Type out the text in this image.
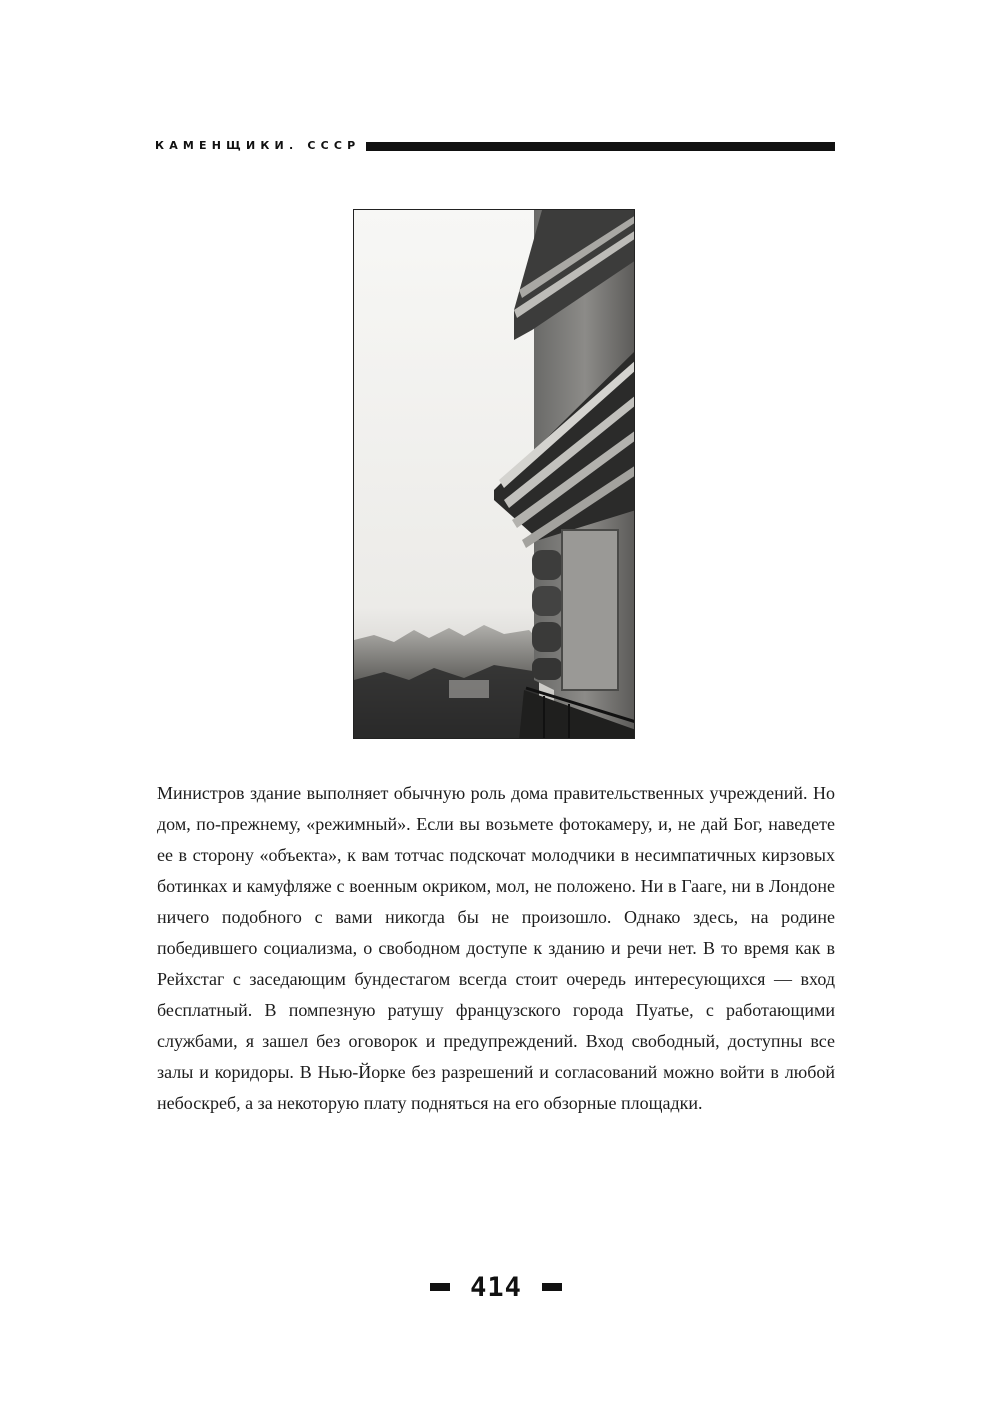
КАМЕНЩИКИ. СССР

Министров здание выполняет обычную роль дома правительственных учреждений. Но дом, по-прежнему, «режимный». Если вы возьмете фотокамеру, и, не дай Бог, наведете ее в сторону «объекта», к вам тотчас подскочат молодчики в несимпатичных кирзовых ботинках и камуфляже с военным окриком, мол, не положено. Ни в Гааге, ни в Лондоне ничего подобного с вами никогда бы не произошло. Однако здесь, на родине победившего социализма, о свободном доступе к зданию и речи нет. В то время как в Рейхстаг с заседающим бундестагом всегда стоит очередь интересующихся — вход бесплатный. В помпезную ратушу французского города Пуатье, с работающими службами, я зашел без оговорок и предупреждений. Вход свободный, доступны все залы и коридоры. В Нью-Йорке без разрешений и согласований можно войти в любой небоскреб, а за некоторую плату подняться на его обзорные площадки.

414
